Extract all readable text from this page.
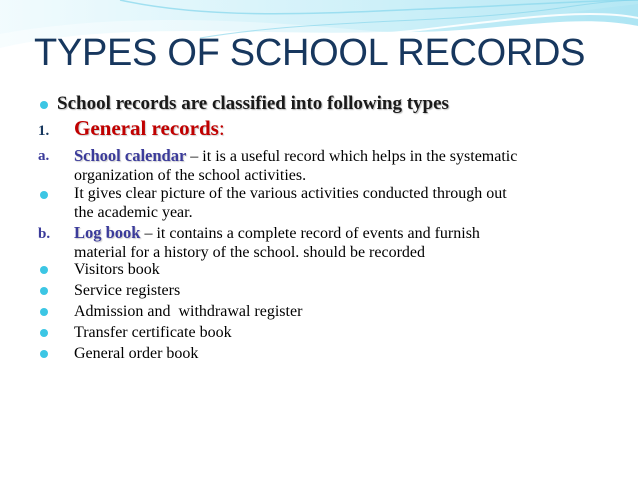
TYPES OF SCHOOL RECORDS
School records are classified into following types
1. General records:
a. School calendar – it is a useful record which helps in the systematic
organization of the school activities.
It gives clear picture of the various activities conducted through out
the academic year.
b. Log book – it contains a complete record of events and furnish
material for a history of the school. should be recorded
Visitors book
Service registers
Admission and  withdrawal register
Transfer certificate book
General order book
